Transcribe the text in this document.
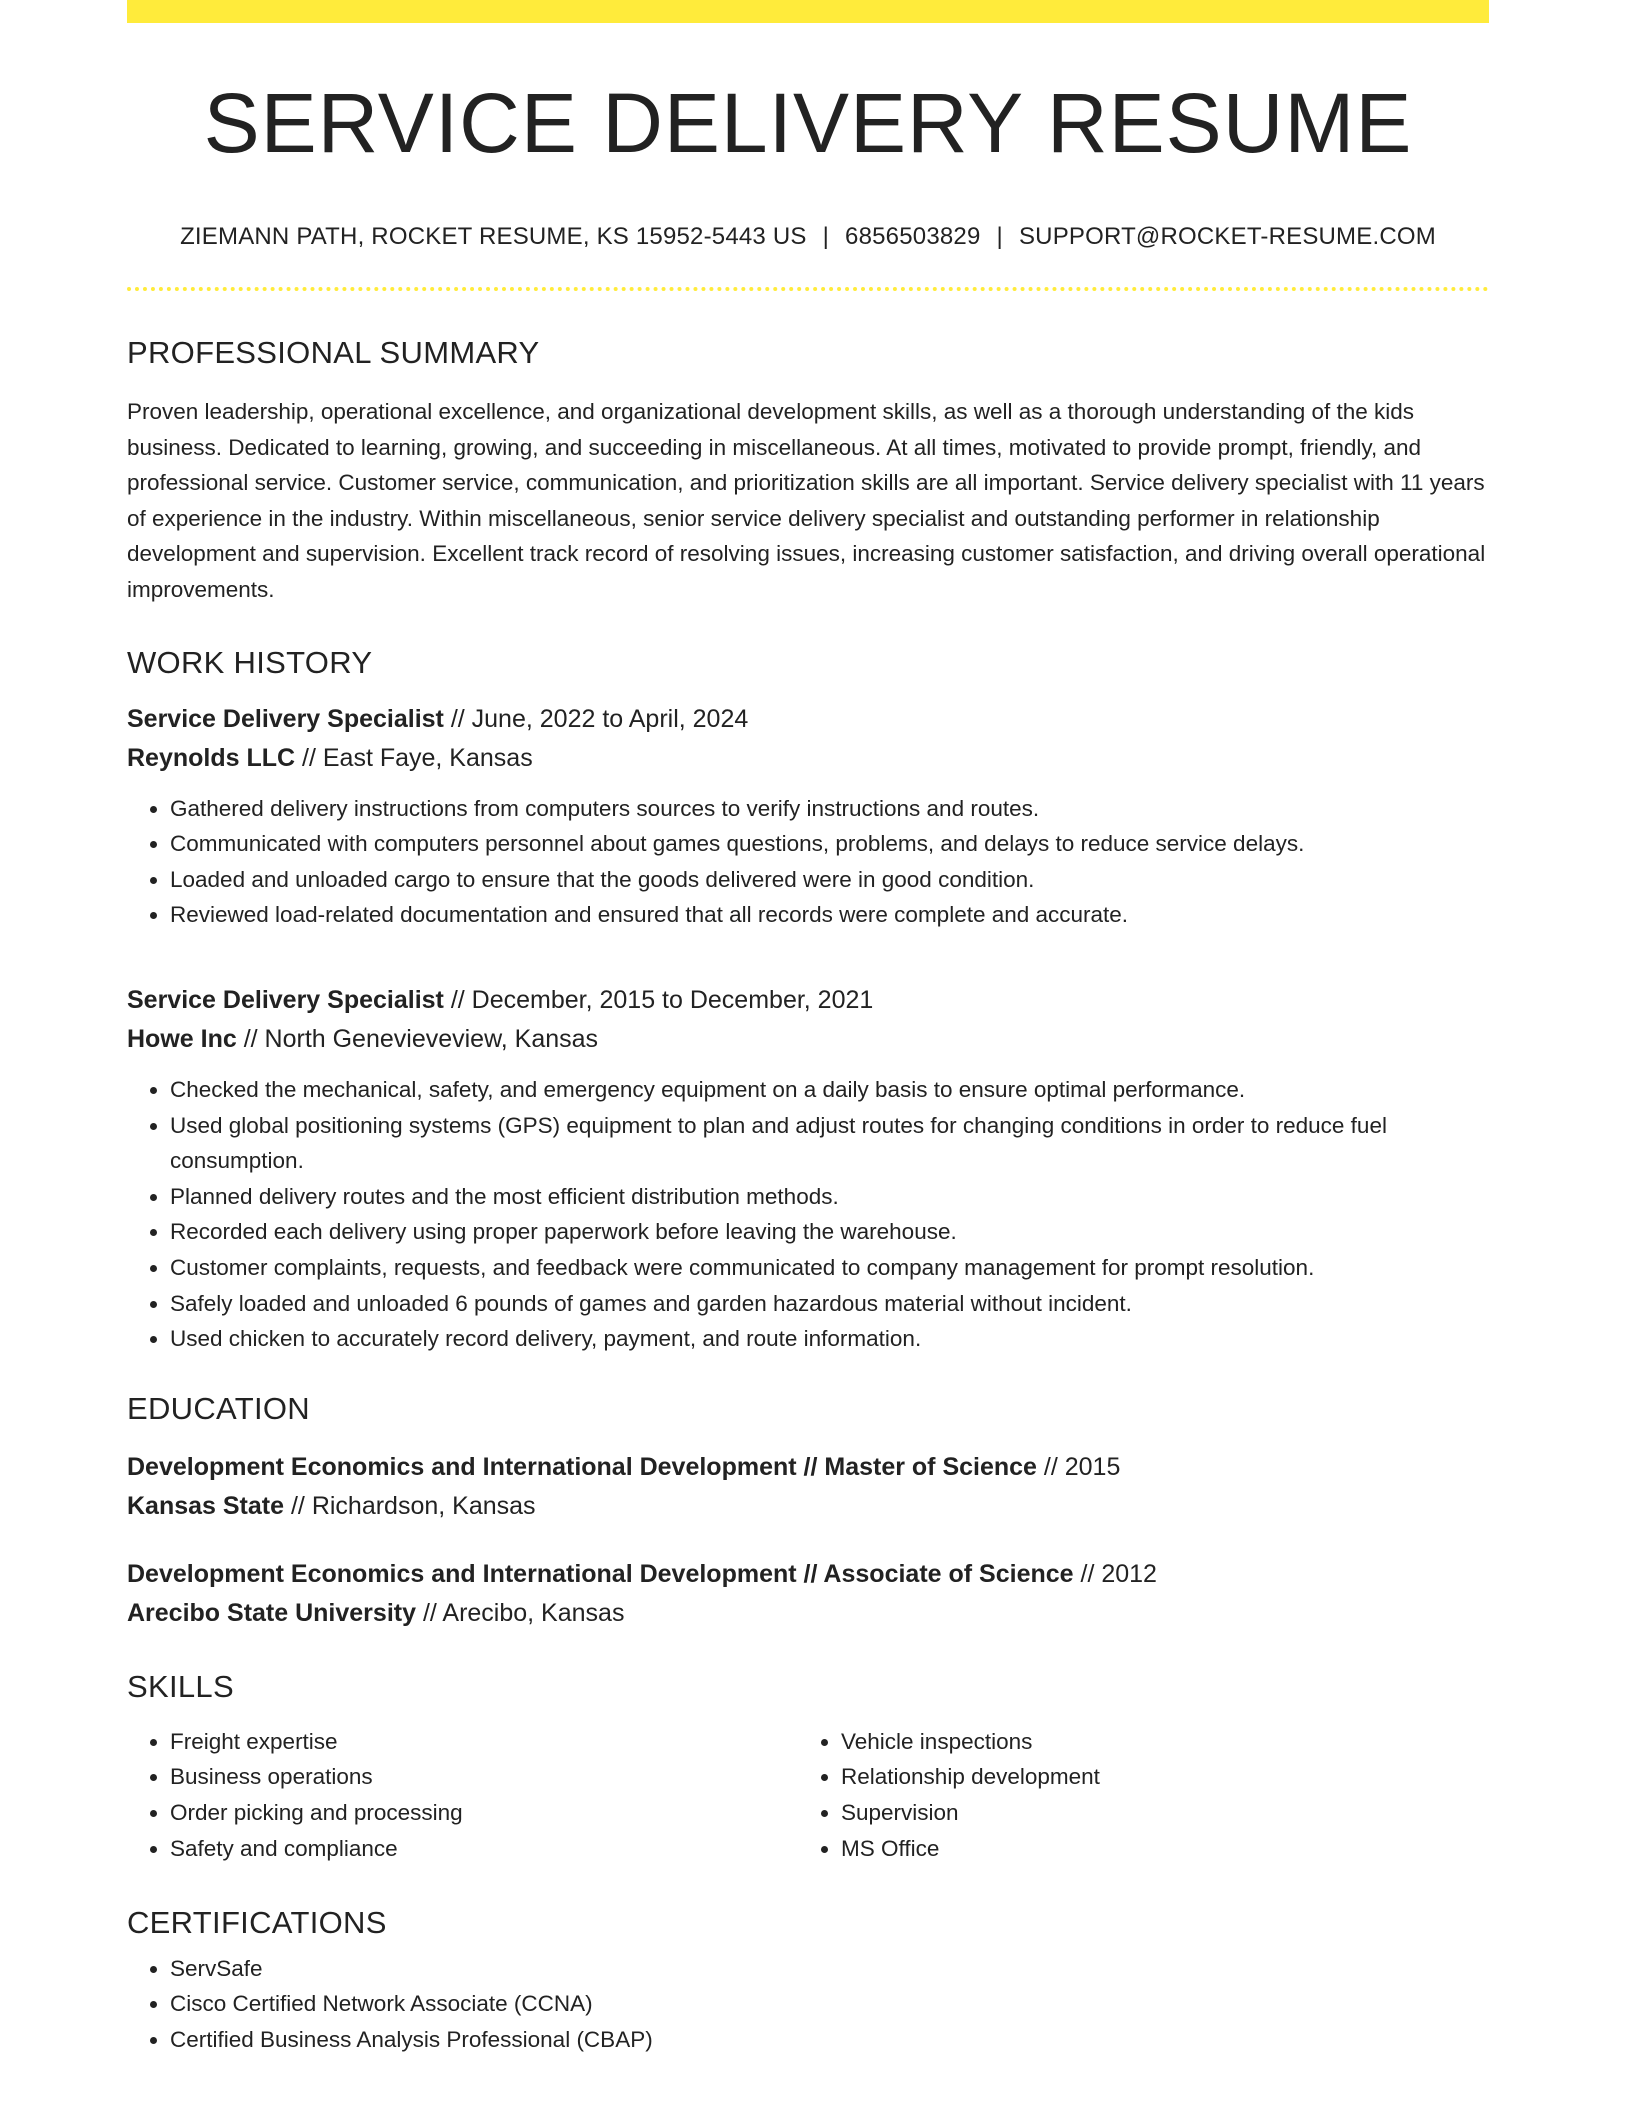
SERVICE DELIVERY RESUME
ZIEMANN PATH, ROCKET RESUME, KS 15952-5443 US | 6856503829 | SUPPORT@ROCKET-RESUME.COM
PROFESSIONAL SUMMARY

Proven leadership, operational excellence, and organizational development skills, as well as a thorough understanding of the kids business. Dedicated to learning, growing, and succeeding in miscellaneous. At all times, motivated to provide prompt, friendly, and professional service. Customer service, communication, and prioritization skills are all important. Service delivery specialist with 11 years of experience in the industry. Within miscellaneous, senior service delivery specialist and outstanding performer in relationship development and supervision. Excellent track record of resolving issues, increasing customer satisfaction, and driving overall operational improvements.

WORK HISTORY
Service Delivery Specialist // June, 2022 to April, 2024
Reynolds LLC // East Faye, Kansas
• Gathered delivery instructions from computers sources to verify instructions and routes.
• Communicated with computers personnel about games questions, problems, and delays to reduce service delays.
• Loaded and unloaded cargo to ensure that the goods delivered were in good condition.
• Reviewed load-related documentation and ensured that all records were complete and accurate.
Service Delivery Specialist // December, 2015 to December, 2021
Howe Inc // North Genevieveview, Kansas
• Checked the mechanical, safety, and emergency equipment on a daily basis to ensure optimal performance.
• Used global positioning systems (GPS) equipment to plan and adjust routes for changing conditions in order to reduce fuel consumption.
• Planned delivery routes and the most efficient distribution methods.
• Recorded each delivery using proper paperwork before leaving the warehouse.
• Customer complaints, requests, and feedback were communicated to company management for prompt resolution.
• Safely loaded and unloaded 6 pounds of games and garden hazardous material without incident.
• Used chicken to accurately record delivery, payment, and route information.
EDUCATION
Development Economics and International Development // Master of Science // 2015
Kansas State // Richardson, Kansas
Development Economics and International Development // Associate of Science // 2012
Arecibo State University // Arecibo, Kansas
SKILLS
• Freight expertise
• Business operations
• Order picking and processing
• Safety and compliance
• Vehicle inspections
• Relationship development
• Supervision
• MS Office
CERTIFICATIONS
• ServSafe
• Cisco Certified Network Associate (CCNA)
• Certified Business Analysis Professional (CBAP)
